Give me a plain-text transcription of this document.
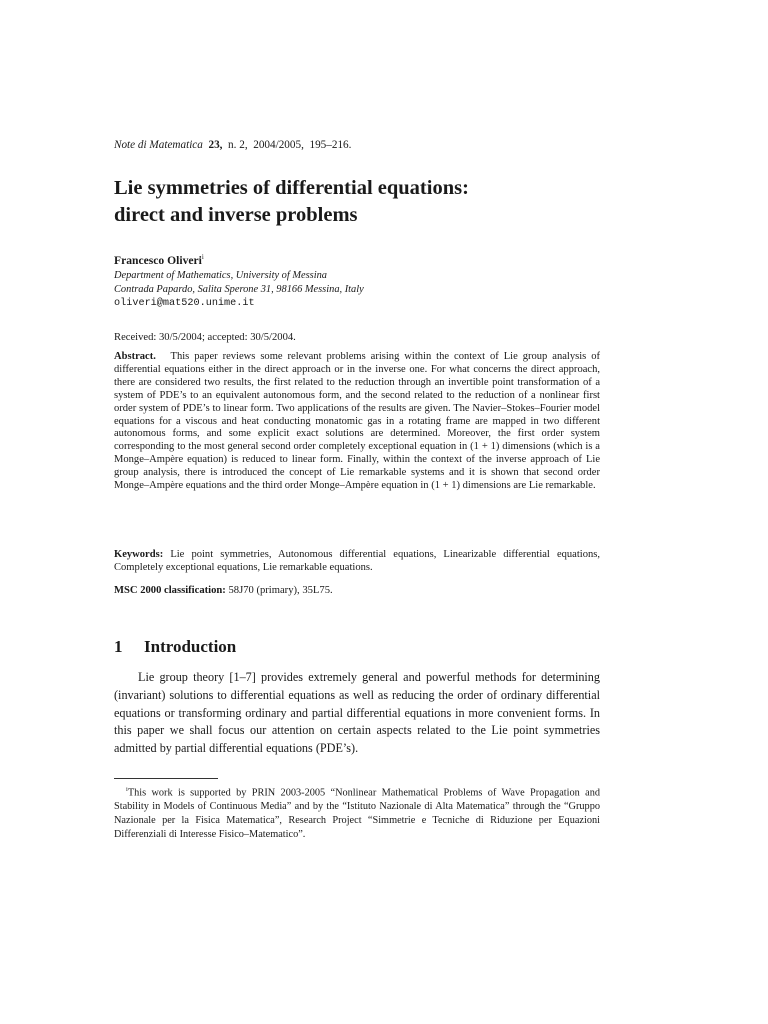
Note di Matematica 23, n. 2, 2004/2005, 195–216.
Lie symmetries of differential equations:
direct and inverse problems
Francesco Oliveri$^i$
Department of Mathematics, University of Messina
Contrada Papardo, Salita Sperone 31, 98166 Messina, Italy
oliveri@mat520.unime.it
Received: 30/5/2004; accepted: 30/5/2004.

Abstract. This paper reviews some relevant problems arising within the context of Lie group analysis of differential equations either in the direct approach or in the inverse one. For what concerns the direct approach, there are considered two results, the first related to the reduction through an invertible point transformation of a system of PDE’s to an equivalent autonomous form, and the second related to the reduction of a nonlinear first order system of PDE’s to linear form. Two applications of the results are given. The Navier–Stokes–Fourier model equations for a viscous and heat conducting monatomic gas in a rotating frame are mapped in two different autonomous forms, and some explicit exact solutions are determined. Moreover, the first order system corresponding to the most general second order completely exceptional equation in (1 + 1) dimensions (which is a Monge–Ampère equation) is reduced to linear form. Finally, within the context of the inverse approach of Lie group analysis, there is introduced the concept of Lie remarkable systems and it is shown that second order Monge–Ampère equations and the third order Monge–Ampère equation in (1 + 1) dimensions are Lie remarkable.

Keywords: Lie point symmetries, Autonomous differential equations, Linearizable differential equations, Completely exceptional equations, Lie remarkable equations.

MSC 2000 classification: 58J70 (primary), 35L75.
1 Introduction

Lie group theory [1–7] provides extremely general and powerful methods for determining (invariant) solutions to differential equations as well as reducing the order of ordinary differential equations or transforming ordinary and partial differential equations in more convenient forms. In this paper we shall focus our attention on certain aspects related to the Lie point symmetries admitted by partial differential equations (PDE’s).

$^i$This work is supported by PRIN 2003-2005 “Nonlinear Mathematical Problems of Wave Propagation and Stability in Models of Continuous Media” and by the “Istituto Nazionale di Alta Matematica” through the “Gruppo Nazionale per la Fisica Matematica”, Research Project “Simmetrie e Tecniche di Riduzione per Equazioni Differenziali di Interesse Fisico–Matematico”.
